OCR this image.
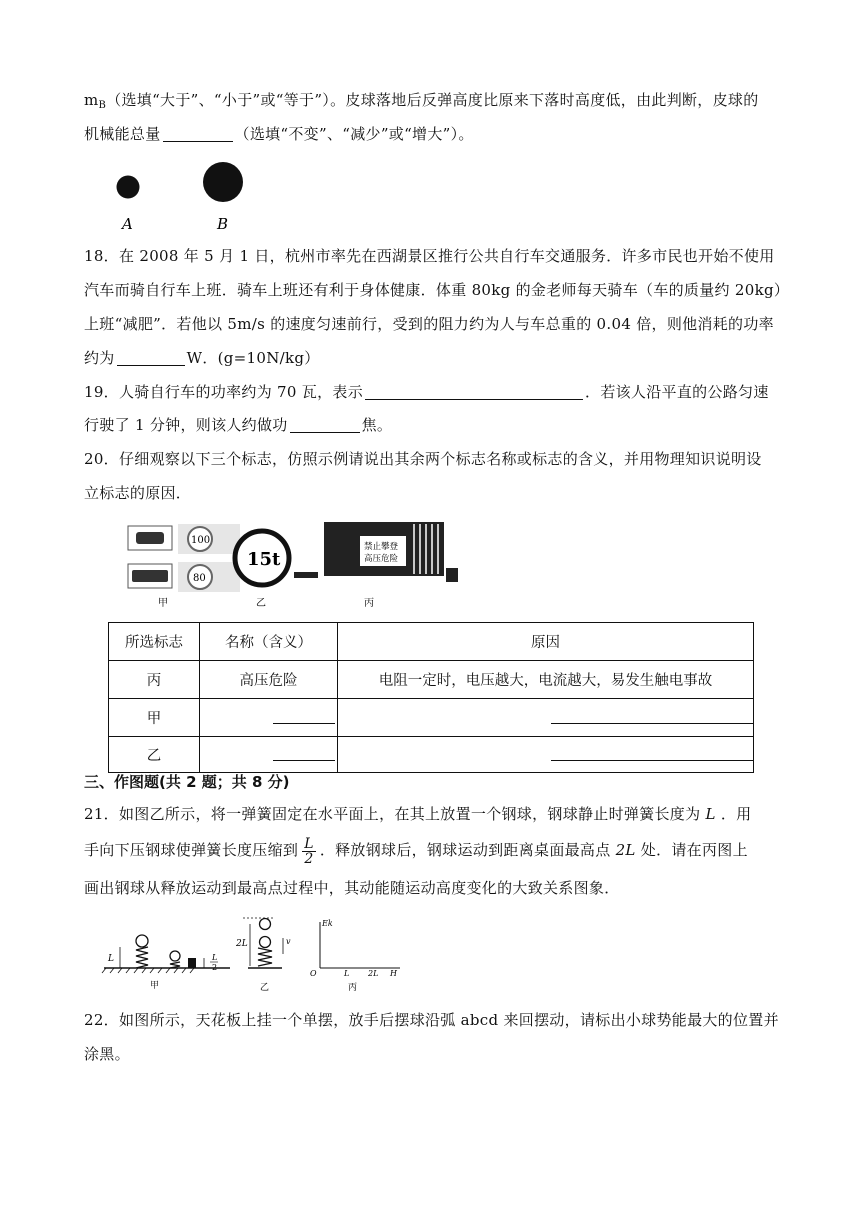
$m_B$（选填“大于”、“小于”或“等于”）。皮球落地后反弹高度比原来下落时高度低，由此判断，皮球的
机械能总量	（选填“不变”、“减少”或“增大”）。
A	B
18．在 2008 年 5 月 1 日，杭州市率先在西湖景区推行公共自行车交通服务．许多市民也开始不使用
汽车而骑自行车上班．骑车上班还有利于身体健康．体重 80kg 的金老师每天骑车（车的质量约 20kg）
上班“减肥”．若他以 5m/s 的速度匀速前行，受到的阻力约为人与车总重的 0.04 倍，则他消耗的功率
约为	W．(g=10N/kg）
19．人骑自行车的功率约为 70 瓦，表示	．若该人沿平直的公路匀速
行驶了 1 分钟，则该人约做功	焦。
20．仔细观察以下三个标志，仿照示例请说出其余两个标志名称或标志的含义，并用物理知识说明设
立标志的原因．
100
80
甲
15t
乙
禁止攀登
高压危险
丙
所选标志	名称（含义）	原因
丙	高压危险	电阻一定时，电压越大，电流越大，易发生触电事故
甲		
乙		
三、作图题(共 2 题；共 8 分)
21．如图乙所示，将一弹簧固定在水平面上，在其上放置一个钢球，钢球静止时弹簧长度为 L ．用
手向下压钢球使弹簧长度压缩到 $\frac{L}{2}$ ．释放钢球后，钢球运动到距离桌面最高点 2L 处．请在丙图上
画出钢球从释放运动到最高点过程中，其动能随运动高度变化的大致关系图象．
L	L
2
甲
2L	v
乙
Ek
O	L 2L H
丙
22．如图所示，天花板上挂一个单摆，放手后摆球沿弧 abcd 来回摆动，请标出小球势能最大的位置并
涂黑。
